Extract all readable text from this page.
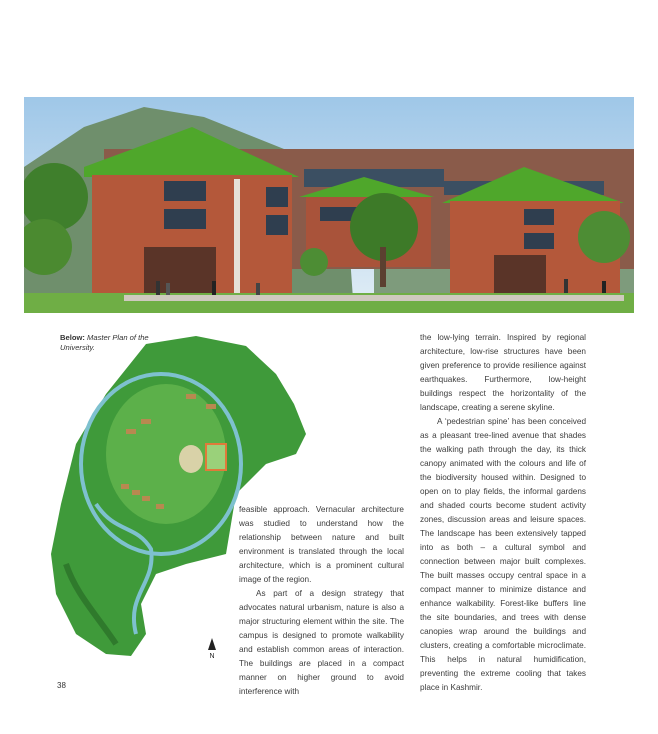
Below: Master Plan of the University.
N

feasible approach. Vernacular architecture was studied to understand how the relationship between nature and built environment is translated through the local architecture, which is a prominent cultural image of the region.

As part of a design strategy that advocates natural urbanism, nature is also a major structuring element within the site. The campus is designed to promote walkability and establish common areas of interaction. The buildings are placed in a compact manner on higher ground to avoid interference with

the low-lying terrain. Inspired by regional architecture, low-rise structures have been given preference to provide resilience against earthquakes. Furthermore, low-height buildings respect the horizontality of the landscape, creating a serene skyline.

A ‘pedestrian spine’ has been conceived as a pleasant tree-lined avenue that shades the walking path through the day, its thick canopy animated with the colours and life of the biodiversity housed within. Designed to open on to play fields, the informal gardens and shaded courts become student activity zones, discussion areas and leisure spaces. The landscape has been extensively tapped into as both – a cultural symbol and connection between major built complexes. The built masses occupy central space in a compact manner to minimize distance and enhance walkability. Forest-like buffers line the site boundaries, and trees with dense canopies wrap around the buildings and clusters, creating a comfortable microclimate. This helps in natural humidification, preventing the extreme cooling that takes place in Kashmir.

38
